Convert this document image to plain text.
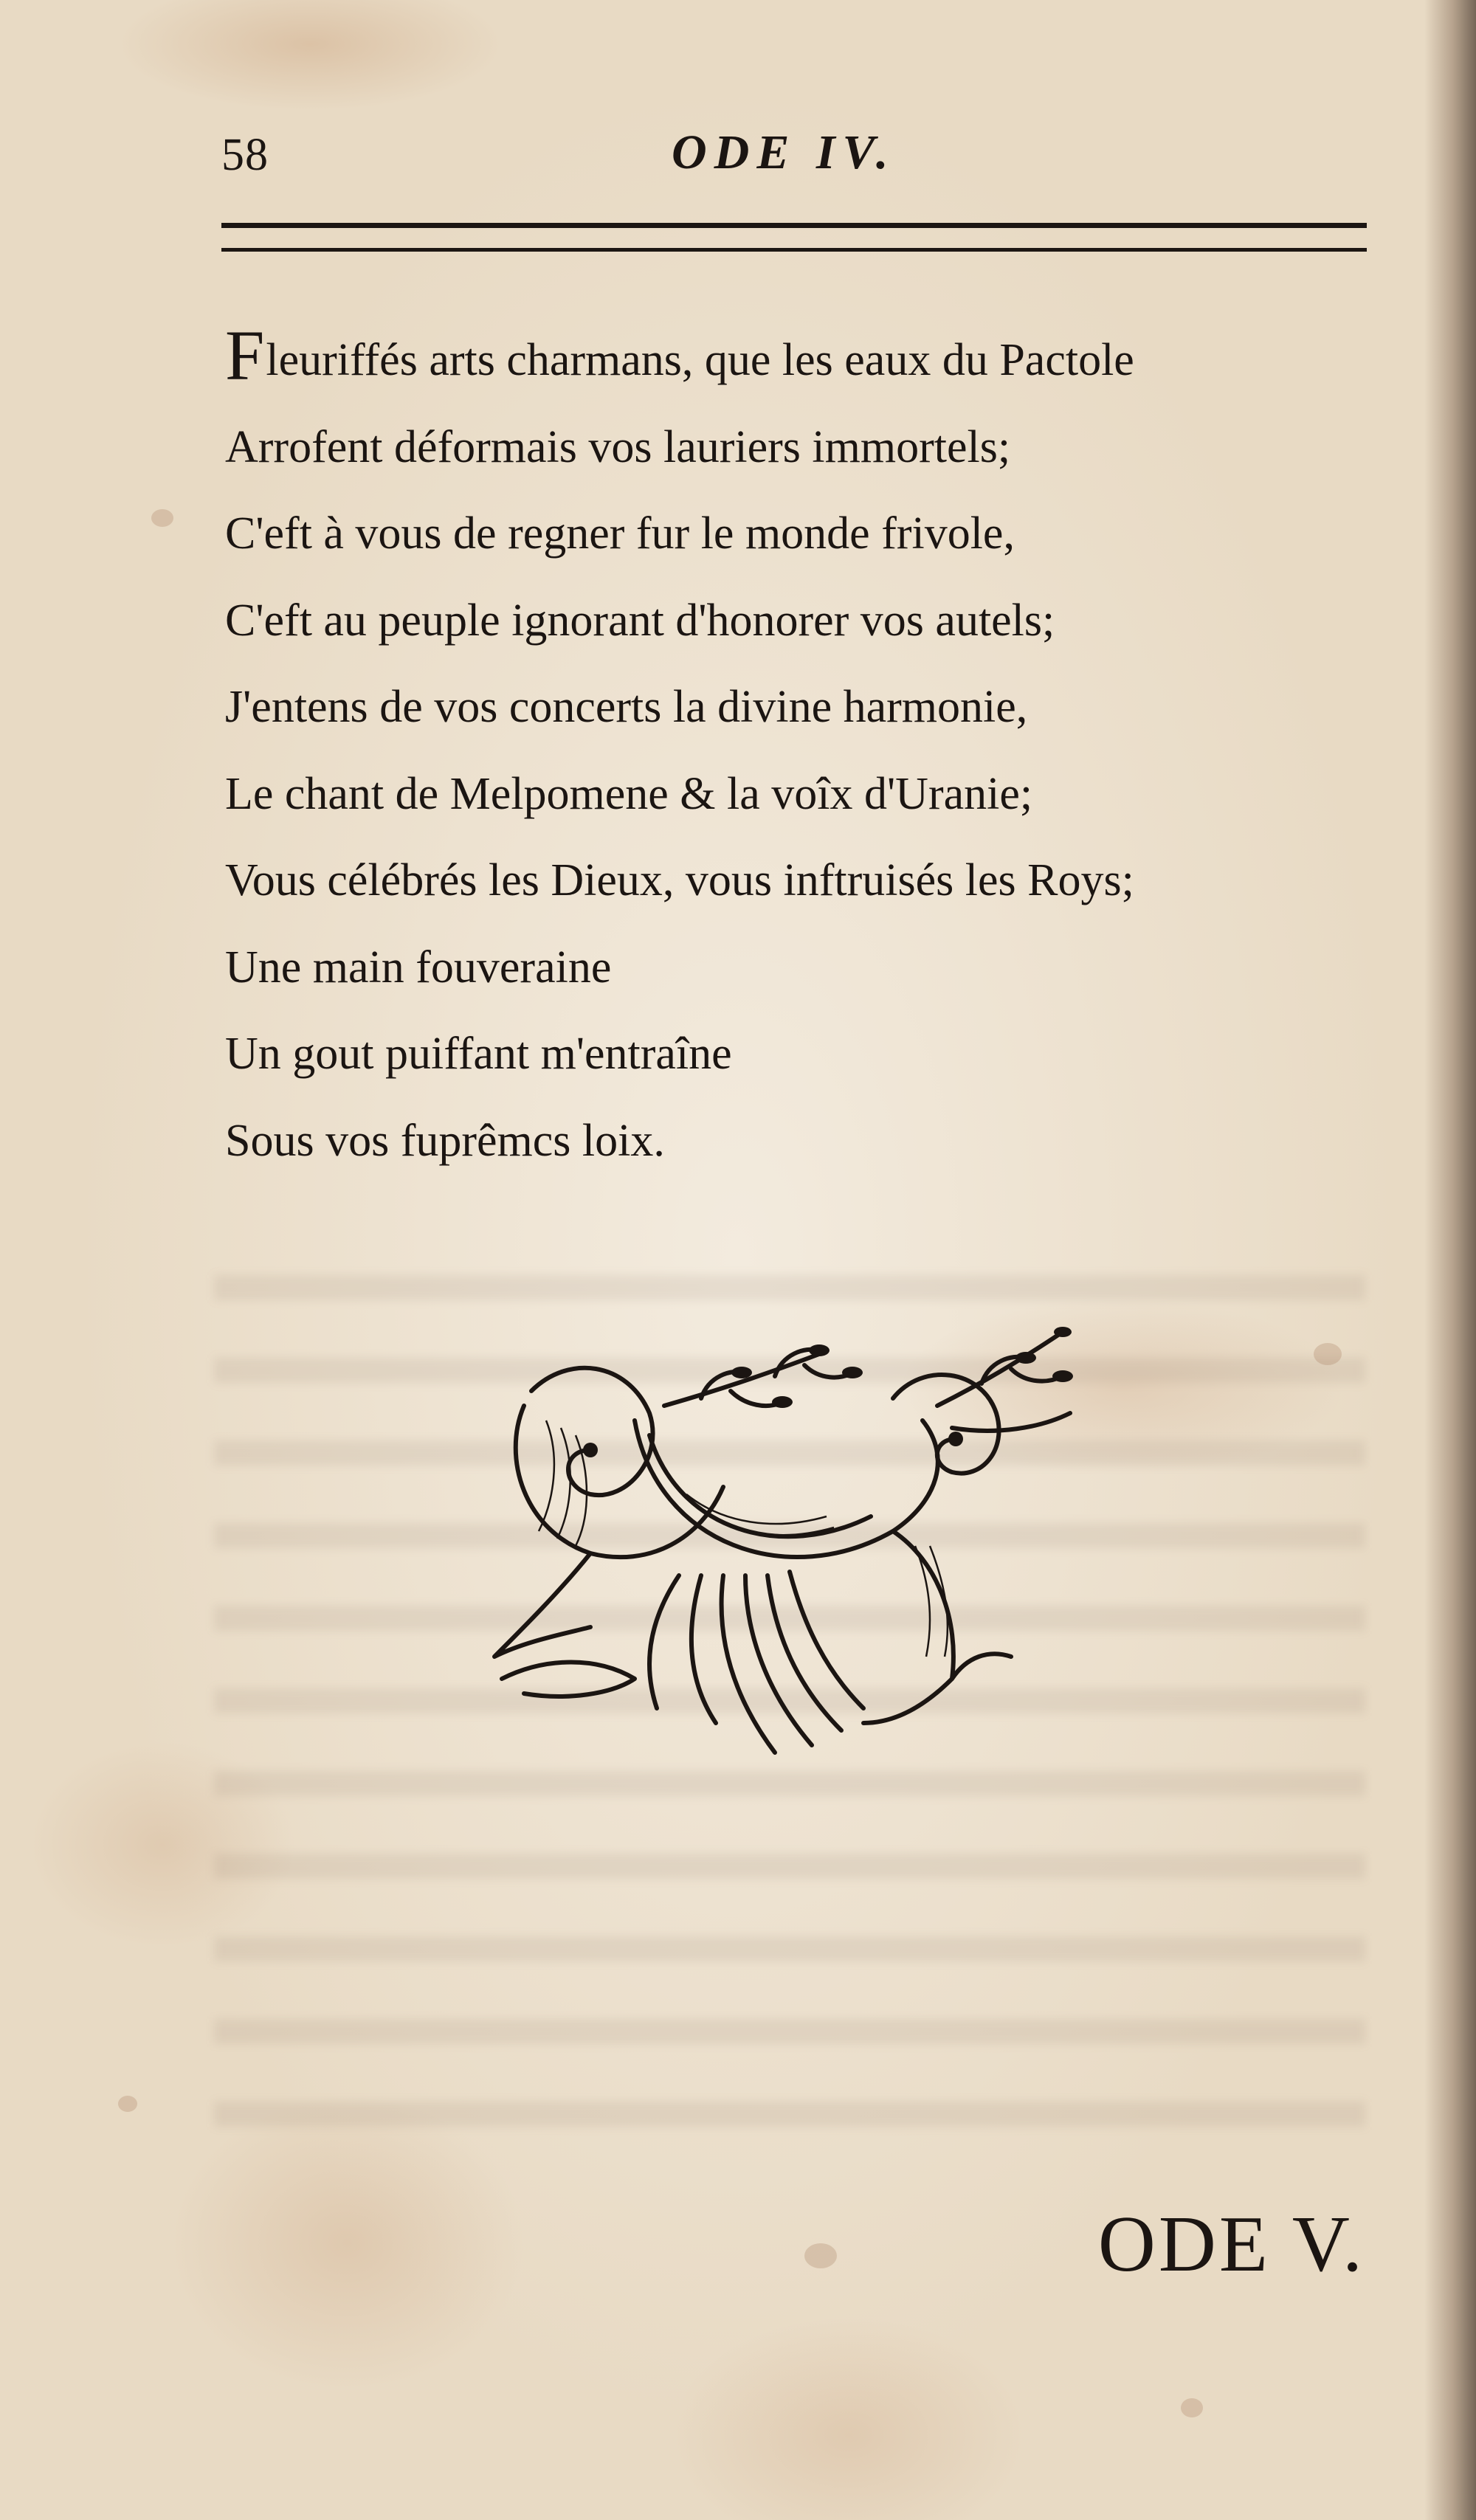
58	ODE IV.
Fleuriffés arts charmans, que les eaux du Pactole
Arrofent déformais vos lauriers immortels;
C'eft à vous de regner fur le monde frivole,
C'eft au peuple ignorant d'honorer vos autels;
J'entens de vos concerts la divine harmonie,
Le chant de Melpomene & la voîx d'Uranie;
Vous célébrés les Dieux, vous inftruisés les Roys;
Une main fouveraine
Un gout puiffant m'entraîne
Sous vos fuprêmcs loix.
ODE V.
